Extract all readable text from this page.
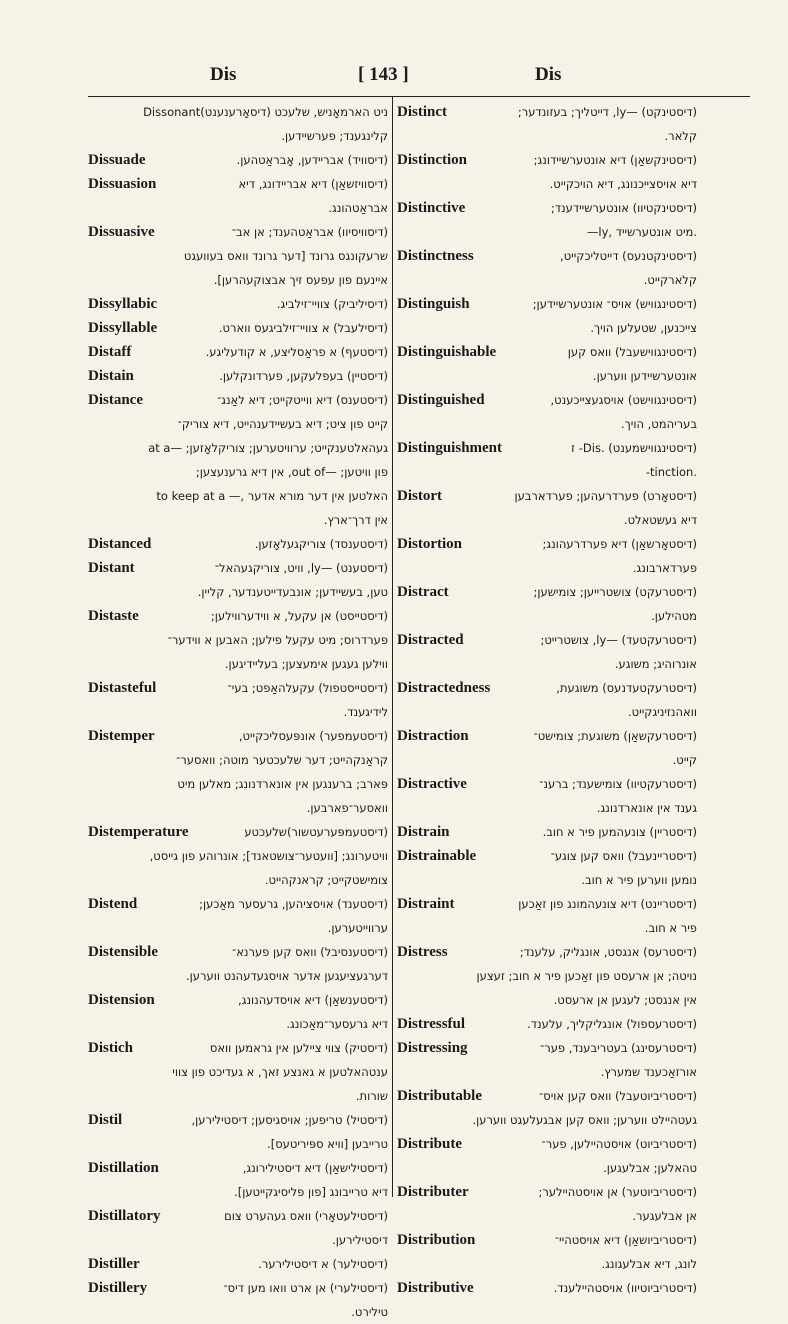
Dis	[ 143 ]	Dis
ניט הארמאָניש, שלעכט (דיסאָרענענט)Dissonant
קלינגענד; פערשיידען.
Dissuade	(דיסוויד) אבריידען, אָבראַטהען.
Dissuasion	(דיסוויזשאַן) דיא אבריידונג, דיא
אבראַטהונג.
Dissuasive	(דיסוויסיוו) אבראַטהענד; אן אב־
שרעקונגס גרונד [דער גרונד וואס בעוועגט
איינעם פון עפעס זיך אבצוקעהרען].
Dissyllabic	(דיסיליביק) צוויי־זילביג.
Dissyllable	(דיסילעבל) א צוויי־זילביגעס ווארט.
Distaff	(דיסטעף) א פראַסליצע, א קודעליגע.
Distain	(דיסטיין) בעפלעקען, פערדונקלען.
Distance	(דיסטענס) דיא ווייטקייט; דיא לאַנג־
קייט פון ציט; דיא בעשיידענהייט, דיא צוריק־
געהאלטענקייט; ערוויטערען; צוריקלאָזען; —at a
פון וויטען; —out of, אין דיא גרענעצען;
to keep at a —, האלטען אין דער מורא אדער
אין דרך־ארץ.
Distanced	(דיסטענסד) צוריקגעלאָזען.
Distant	(דיסטענט) —ly, וויט, צוריקגעהאל־
טען, בעשיידען; אונבעדייטענדער, קליין.
Distaste	(דיסטייסט) אן עקעל, א ווידערווילען;
פערדרוס; מיט עקעל פילען; האבען א ווידער־
ווילען געגען אימעצען; בעליידיגען.
Distasteful	(דיסטייסטפול) עקעלהאַפט; בעי־
לידיגענד.
Distemper	(דיסטעמפער) אונפּעסליכקייט,
קראַנקהייט; דער שלעכטער מוטה; וואסער־
פּארב; ברענגען אין אונארדנונג; מאלען מיט
וואסער־פארבען.
Distemperature	(דיסטעמפּערעטשור)שלעכטע
וויטערונג; [וועטער־צושטאנד]; אונרוהע פון גייסט,
צומישטקייט; קראנקהייט.
Distend	(דיסטענד) אויסציהען, גרעסער מאַכען;
ערווייטערען.
Distensible	(דיסטענסיבל) וואס קען פערנא־
דערגעציעגען אדער אויסגעדעהנט ווערען.
Distension	(דיסטענשאַן) דיא אויסדעהנונג,
דיא גרעסער־מאַכונג.
Distich	(דיסטיק) צווי ציילען אין גראמען וואס
ענטהאלטען א גאנצע זאך, א געדיכט פון צווי
שורות.
Distil	(דיסטיל) טריפען; אויסגיסען; דיסטילירען,
טרייבען [וויא ספּיריטעס].
Distillation	(דיסטילישאַן) דיא דיסטילירונג,
דיא טרייבונג [פון פליסיגקייטען].
Distillatory	(דיסטילעטאָרי) וואס געהערט צום
דיסטילירען.
Distiller	(דיסטילער) א דיסטילירער.
Distillery	(דיסטילערי) אן ארט וואו מען דיס־
טילירט.
Distinct	(דיסטינקט) —ly, דייטליך; בעזונדער;
קלאר.
Distinction	(דיסטינקשאַן) דיא אונטערשיידונג;
דיא אויסצייכנונג, דיא הויכקייט.
Distinctive	(דיסטינקטיוו) אונטערשיידענד;
—ly, מיט אונטערשייד.
Distinctness	(דיסטינקטנעס) דייטליכקייט,
קלארקייט.
Distinguish	(דיסטינגוויש) אויס־ אונטערשיידען;
צייכנען, שטעלען הויך.
Distinguishable	(דיסטינגווישעבל) וואס קען
אונטערשיידען ווערען.
Distinguished	(דיסטינגווישט) אויסגעצייכענט,
בעריהמט, הויך.
Distinguishment	(דיסטינגווישמענט) .Dis- ז
-tinction.
Distort	(דיסטאָרט) פערדרעהען; פערדארבען
דיא געשטאלט.
Distortion	(דיסטאָרשאַן) דיא פערדרעהונג;
פערדארבונג.
Distract	(דיסטרעקט) צושטרייען; צומישען;
מטהילען.
Distracted	(דיסטרעקטעד) —ly, צושטרייט;
אונרוהיג; משוגע.
Distractedness	(דיסטרעקטעדנעס) משוגעת,
וואהנזיניגקייט.
Distraction	(דיסטרעקשאַן) משוגעת; צומישט־
קייט.
Distractive	(דיסטרעקטיוו) צומישענד; ברענ־
גענד אין אונארדנונג.
Distrain	(דיסטריין) צונעהמען פיר א חוב.
Distrainable	(דיסטריינעבל) וואס קען צוגע־
נומען ווערען פיר א חוב.
Distraint	(דיסטריינט) דיא צונעהמונג פון זאַכען
פיר א חוב.
Distress	(דיסטרעס) אנגסט, אונגליק, עלענד;
נויטה; אן ארעסט פון זאַכען פיר א חוב; זעצען
אין אנגסט; לעגען אן ארעסט.
Distressful	(דיסטרעספול) אונגליקליך, עלענד.
Distressing	(דיסטרעסינג) בעטריבענד, פער־
אורזאַכענד שמערץ.
Distributable	(דיסטריביוטעבל) וואס קען אויס־
געטהיילט ווערען; וואס קען אבגעלעגט ווערען.
Distribute	(דיסטריביוט) אויסטהיילען, פער־
טהאלען; אבלעגען.
Distributer	(דיסטריביוטער) אן אויסטהיילער;
אן אבלעגער.
Distribution	(דיסטריביושאַן) דיא אויסטהיי־
לונג, דיא אבלעגונג.
Distributive	(דיסטריביוטיוו) אויסטהיילענד.
